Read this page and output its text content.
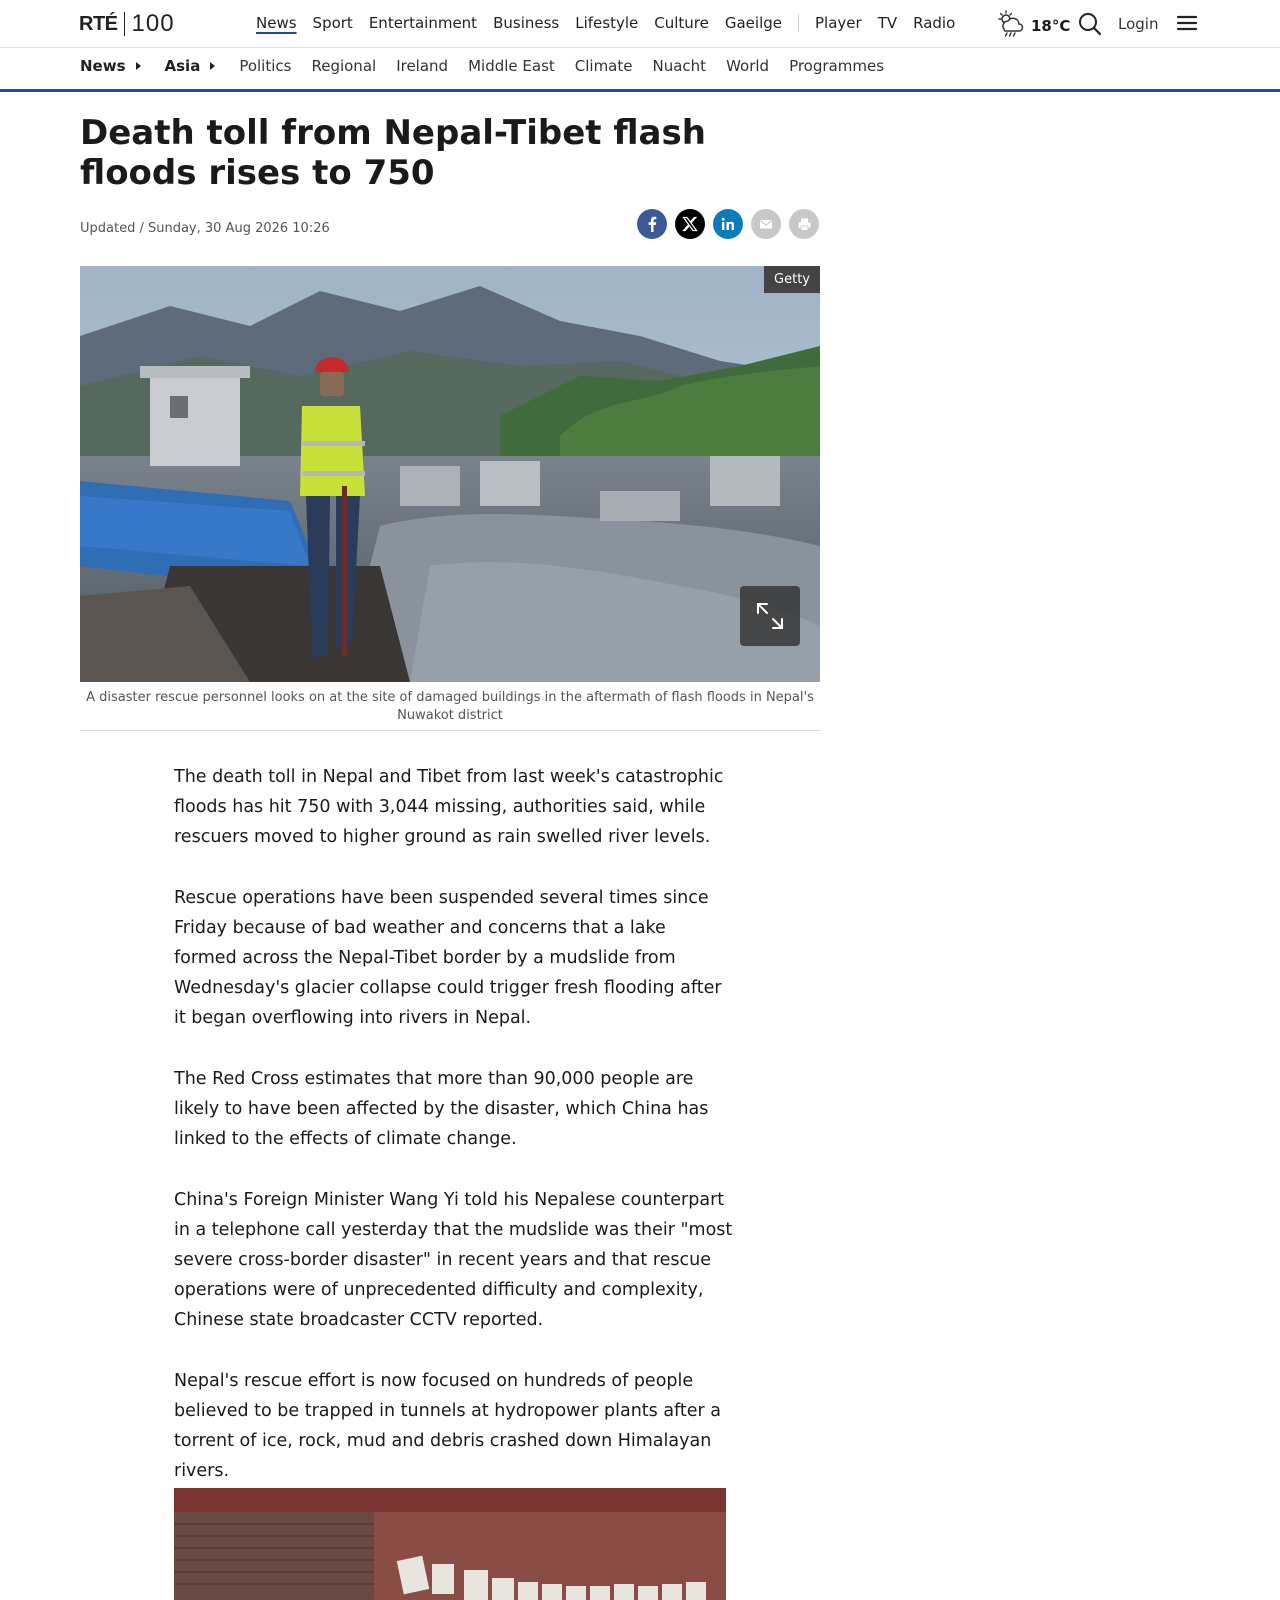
RTÉ 100	News Sport Entertainment Business Lifestyle Culture Gaeilge Player TV Radio	18°C	Login
News	Asia	Politics Regional Ireland Middle East Climate Nuacht World Programmes
Death toll from Nepal-Tibet flash floods rises to 750
Updated / Sunday, 30 Aug 2026 10:26
Getty
A disaster rescue personnel looks on at the site of damaged buildings in the aftermath of flash floods in Nepal's Nuwakot district

The death toll in Nepal and Tibet from last week's catastrophic floods has hit 750 with 3,044 missing, authorities said, while rescuers moved to higher ground as rain swelled river levels.

Rescue operations have been suspended several times since Friday because of bad weather and concerns that a lake formed across the Nepal-Tibet border by a mudslide from Wednesday's glacier collapse could trigger fresh flooding after it began overflowing into rivers in Nepal.

The Red Cross estimates that more than 90,000 people are likely to have been affected by the disaster, which China has linked to the effects of climate change.

China's Foreign Minister Wang Yi told his Nepalese counterpart in a telephone call yesterday that the mudslide was their "most severe cross-border disaster" in recent years and that rescue operations were of unprecedented difficulty and complexity, Chinese state broadcaster CCTV reported.

Nepal's rescue effort is now focused on hundreds of people believed to be trapped in tunnels at hydropower plants after a torrent of ice, rock, mud and debris crashed down Himalayan rivers.
